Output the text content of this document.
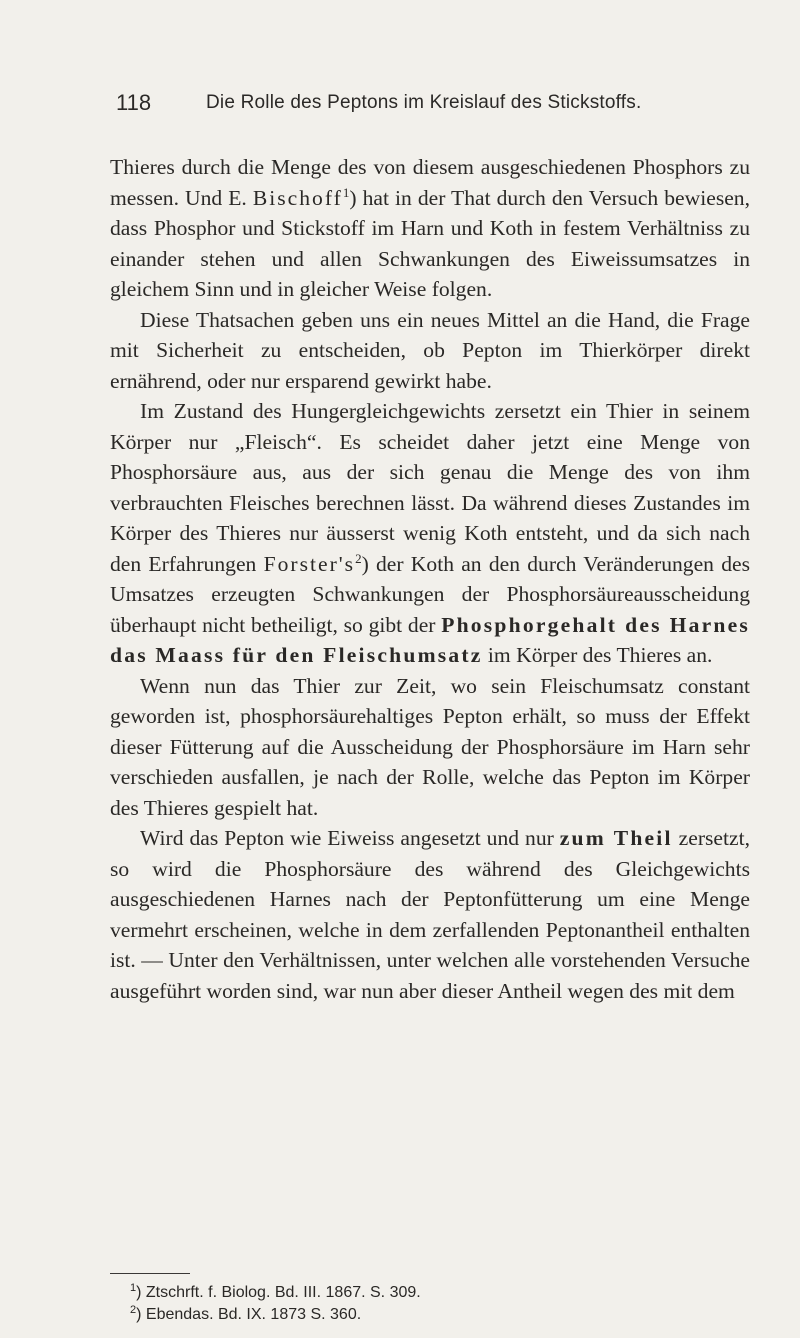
118	Die Rolle des Peptons im Kreislauf des Stickstoffs.

Thieres durch die Menge des von diesem ausgeschiedenen Phosphors zu messen. Und E. Bischoff$^1$) hat in der That durch den Versuch bewiesen, dass Phosphor und Stickstoff im Harn und Koth in festem Verhältniss zu einander stehen und allen Schwankungen des Eiweissumsatzes in gleichem Sinn und in gleicher Weise folgen.

Diese Thatsachen geben uns ein neues Mittel an die Hand, die Frage mit Sicherheit zu entscheiden, ob Pepton im Thierkörper direkt ernährend, oder nur ersparend gewirkt habe.

Im Zustand des Hungergleichgewichts zersetzt ein Thier in seinem Körper nur „Fleisch“. Es scheidet daher jetzt eine Menge von Phosphorsäure aus, aus der sich genau die Menge des von ihm verbrauchten Fleisches berechnen lässt. Da während dieses Zustandes im Körper des Thieres nur äusserst wenig Koth entsteht, und da sich nach den Erfahrungen $Forster's^2$) der Koth an den durch Veränderungen des Umsatzes erzeugten Schwankungen der Phosphorsäureausscheidung überhaupt nicht betheiligt, so gibt der Phosphorgehalt des Harnes das Maass für den Fleischumsatz im Körper des Thieres an.

Wenn nun das Thier zur Zeit, wo sein Fleischumsatz constant geworden ist, phosphorsäurehaltiges Pepton erhält, so muss der Effekt dieser Fütterung auf die Ausscheidung der Phosphorsäure im Harn sehr verschieden ausfallen, je nach der Rolle, welche das Pepton im Körper des Thieres gespielt hat.

Wird das Pepton wie Eiweiss angesetzt und nur zum Theil zersetzt, so wird die Phosphorsäure des während des Gleichgewichts ausgeschiedenen Harnes nach der Peptonfütterung um eine Menge vermehrt erscheinen, welche in dem zerfallenden Peptonantheil enthalten ist. — Unter den Verhältnissen, unter welchen alle vorstehenden Versuche ausgeführt worden sind, war nun aber dieser Antheil wegen des mit dem

$^1$) Ztschrft. f. Biolog. Bd. III. 1867. S. 309.
$^2$) Ebendas. Bd. IX. 1873 S. 360.
